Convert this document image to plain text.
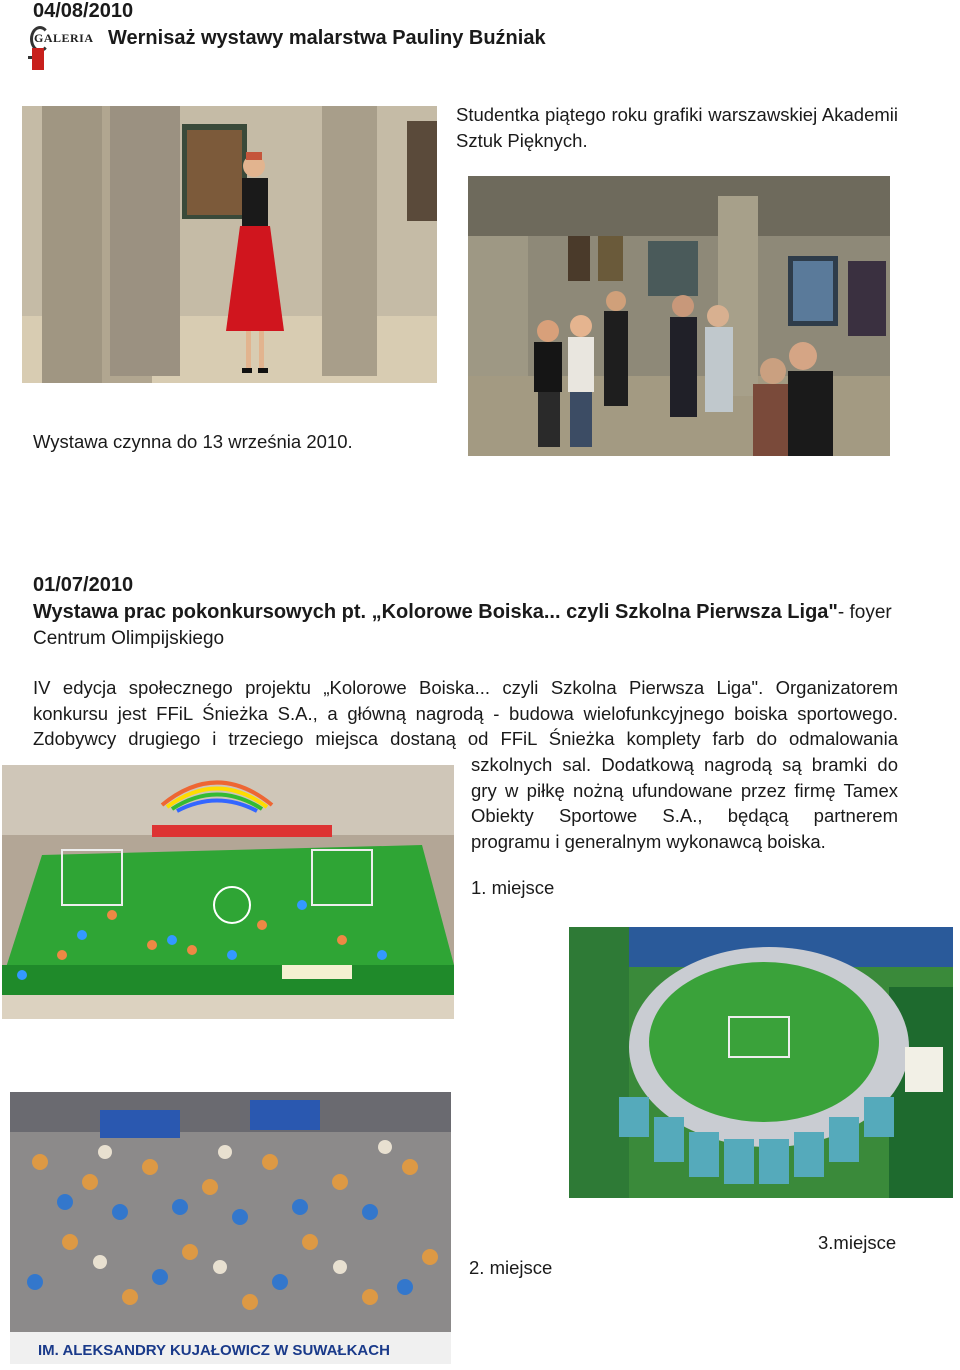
04/08/2010
GALERIA Wernisaż wystawy malarstwa Pauliny Buźniak
Studentka piątego roku grafiki warszawskiej Akademii Sztuk Pięknych.
Wystawa czynna do 13 września 2010.
01/07/2010
Wystawa prac pokonkursowych pt. „Kolorowe Boiska... czyli Szkolna Pierwsza Liga"- foyer
Centrum Olimpijskiego
IV edycja społecznego projektu „Kolorowe Boiska... czyli Szkolna Pierwsza Liga". Organizatorem
konkursu jest FFiL Śnieżka S.A., a główną nagrodą - budowa wielofunkcyjnego boiska sportowego.
Zdobywcy drugiego i trzeciego miejsca dostaną od FFiL Śnieżka komplety farb do odmalowania
szkolnych sal. Dodatkową nagrodą są bramki do
gry w piłkę nożną ufundowane przez firmę Tamex
Obiekty Sportowe S.A., będącą partnerem
programu i generalnym wykonawcą boiska.
1. miejsce
IM. ALEKSANDRY KUJAŁOWICZ W SUWAŁKACH
3.miejsce
2. miejsce
